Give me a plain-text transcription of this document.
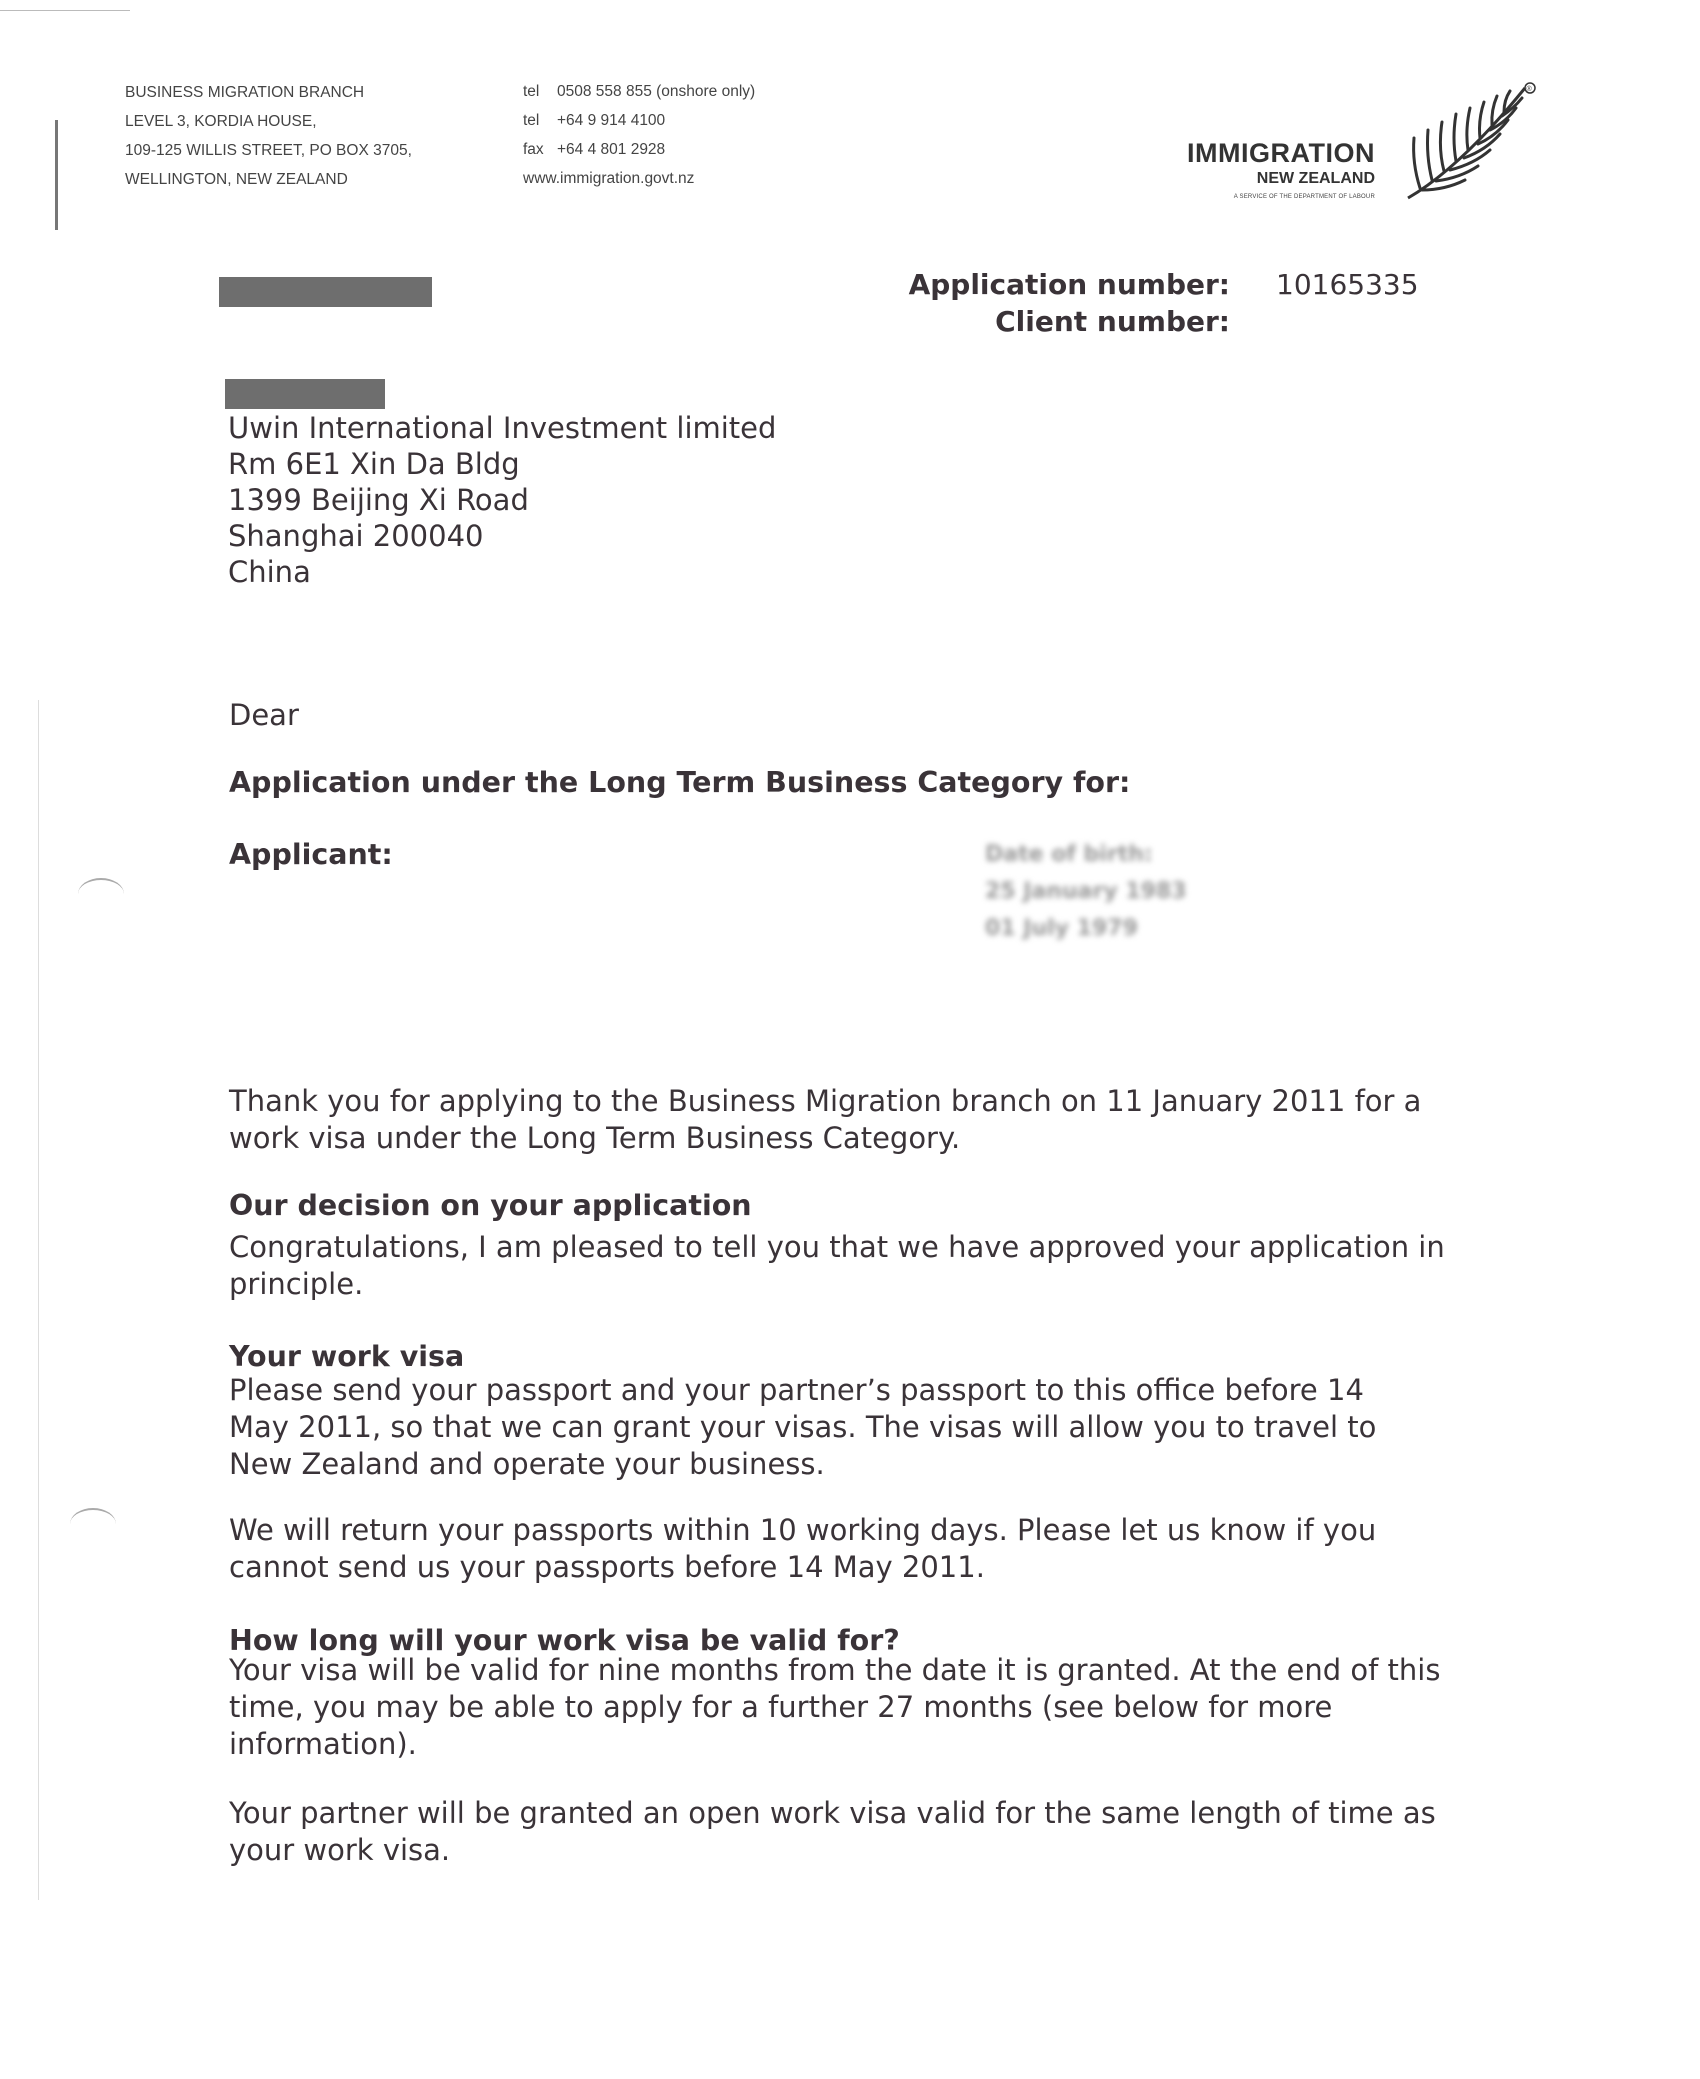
BUSINESS MIGRATION BRANCH
LEVEL 3, KORDIA HOUSE,
109-125 WILLIS STREET, PO BOX 3705,
WELLINGTON, NEW ZEALAND
tel 0508 558 855 (onshore only)
tel +64 9 914 4100
fax +64 4 801 2928
www.immigration.govt.nz
IMMIGRATION
NEW ZEALAND
A SERVICE OF THE DEPARTMENT OF LABOUR
®
Application number: 10165335
Client number:
Uwin International Investment limited
Rm 6E1 Xin Da Bldg
1399 Beijing Xi Road
Shanghai 200040
China
Dear
Application under the Long Term Business Category for:
Applicant:	Date of birth:
25 January 1983
01 July 1979
Thank you for applying to the Business Migration branch on 11 January 2011 for a work visa under the Long Term Business Category.
Our decision on your application
Congratulations, I am pleased to tell you that we have approved your application in principle.
Your work visa
Please send your passport and your partner’s passport to this office before 14 May 2011, so that we can grant your visas. The visas will allow you to travel to New Zealand and operate your business.
We will return your passports within 10 working days. Please let us know if you cannot send us your passports before 14 May 2011.
How long will your work visa be valid for?
Your visa will be valid for nine months from the date it is granted. At the end of this time, you may be able to apply for a further 27 months (see below for more information).
Your partner will be granted an open work visa valid for the same length of time as your work visa.
